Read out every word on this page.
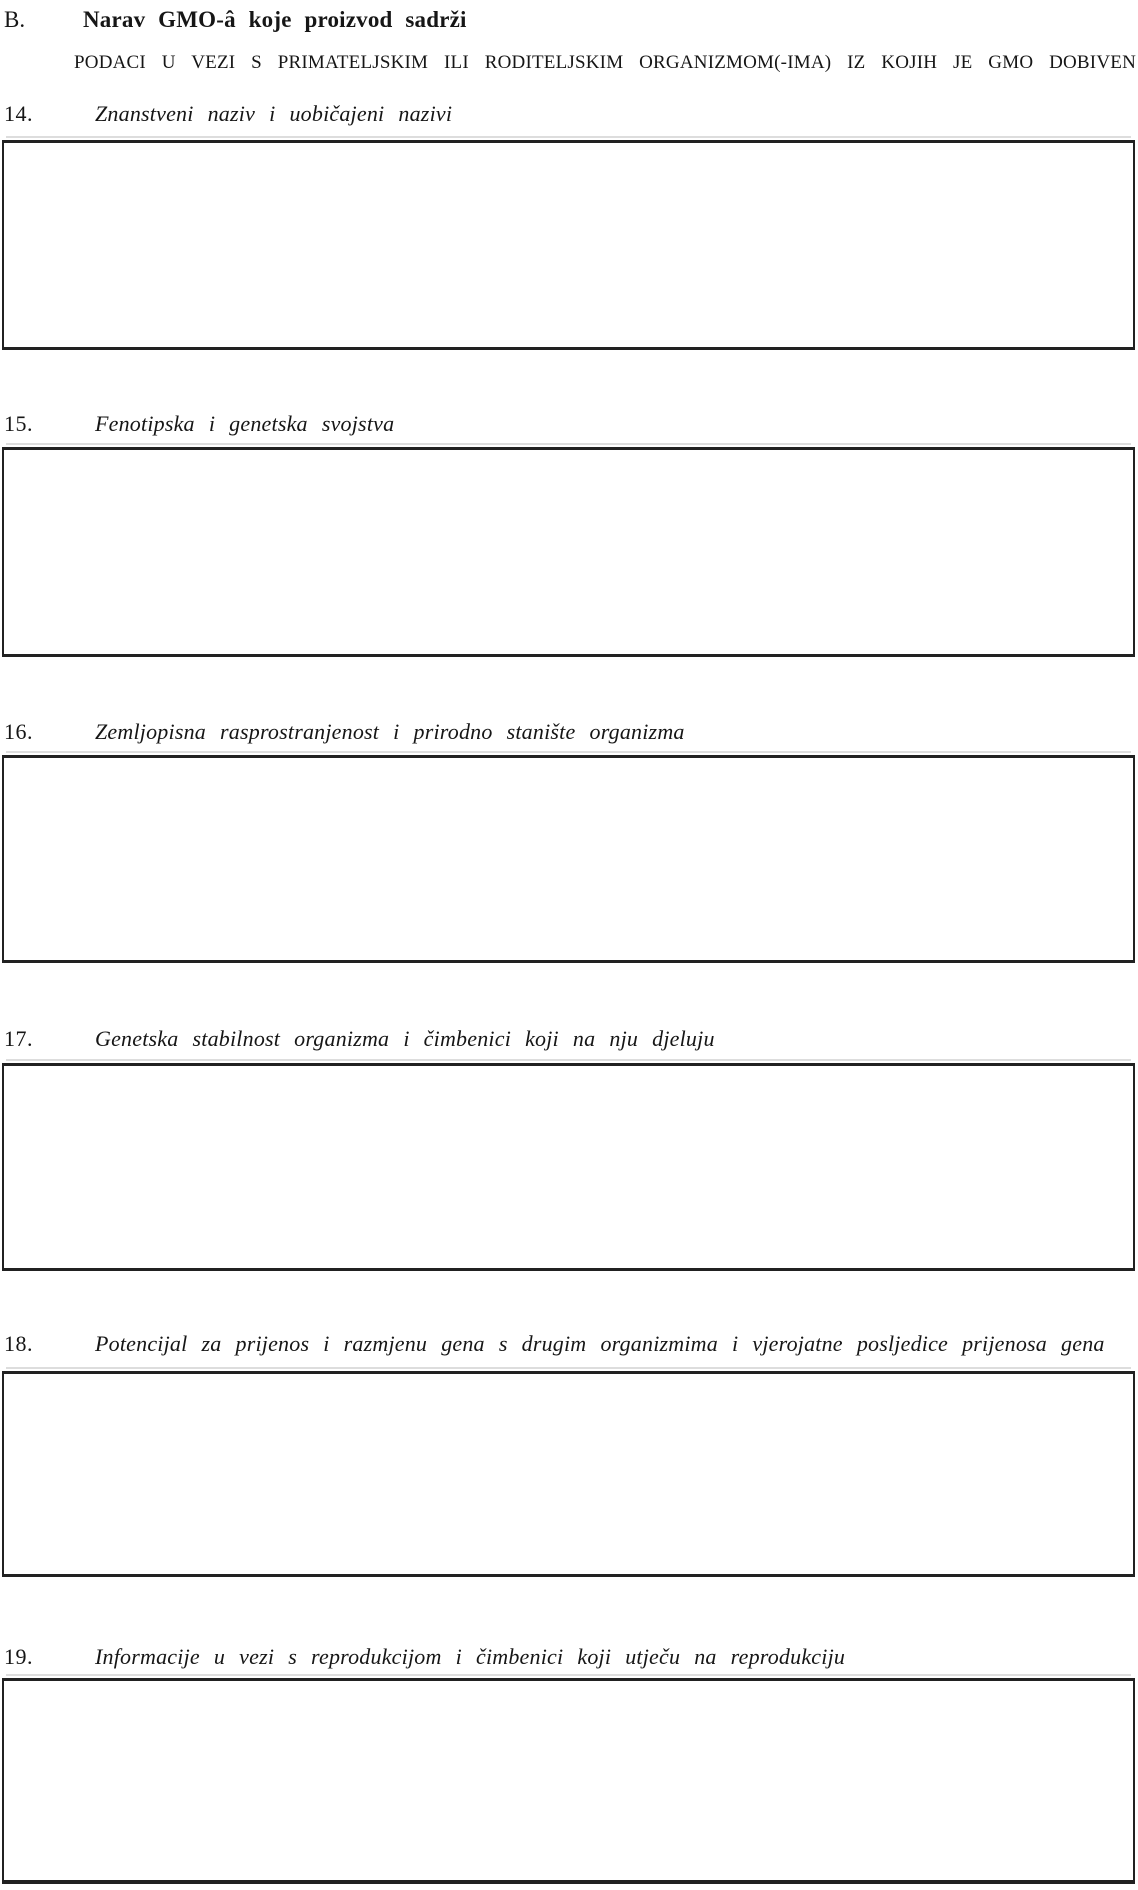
B.	Narav GMO-â koje proizvod sadrži

PODACI U VEZI S PRIMATELJSKIM ILI RODITELJSKIM ORGANIZMOM(-IMA) IZ KOJIH JE GMO DOBIVEN

14.	Znanstveni naziv i uobičajeni nazivi
15.	Fenotipska i genetska svojstva
16.	Zemljopisna rasprostranjenost i prirodno stanište organizma
17.	Genetska stabilnost organizma i čimbenici koji na nju djeluju
18.	Potencijal za prijenos i razmjenu gena s drugim organizmima i vjerojatne posljedice prijenosa gena
19.	Informacije u vezi s reprodukcijom i čimbenici koji utječu na reprodukciju
